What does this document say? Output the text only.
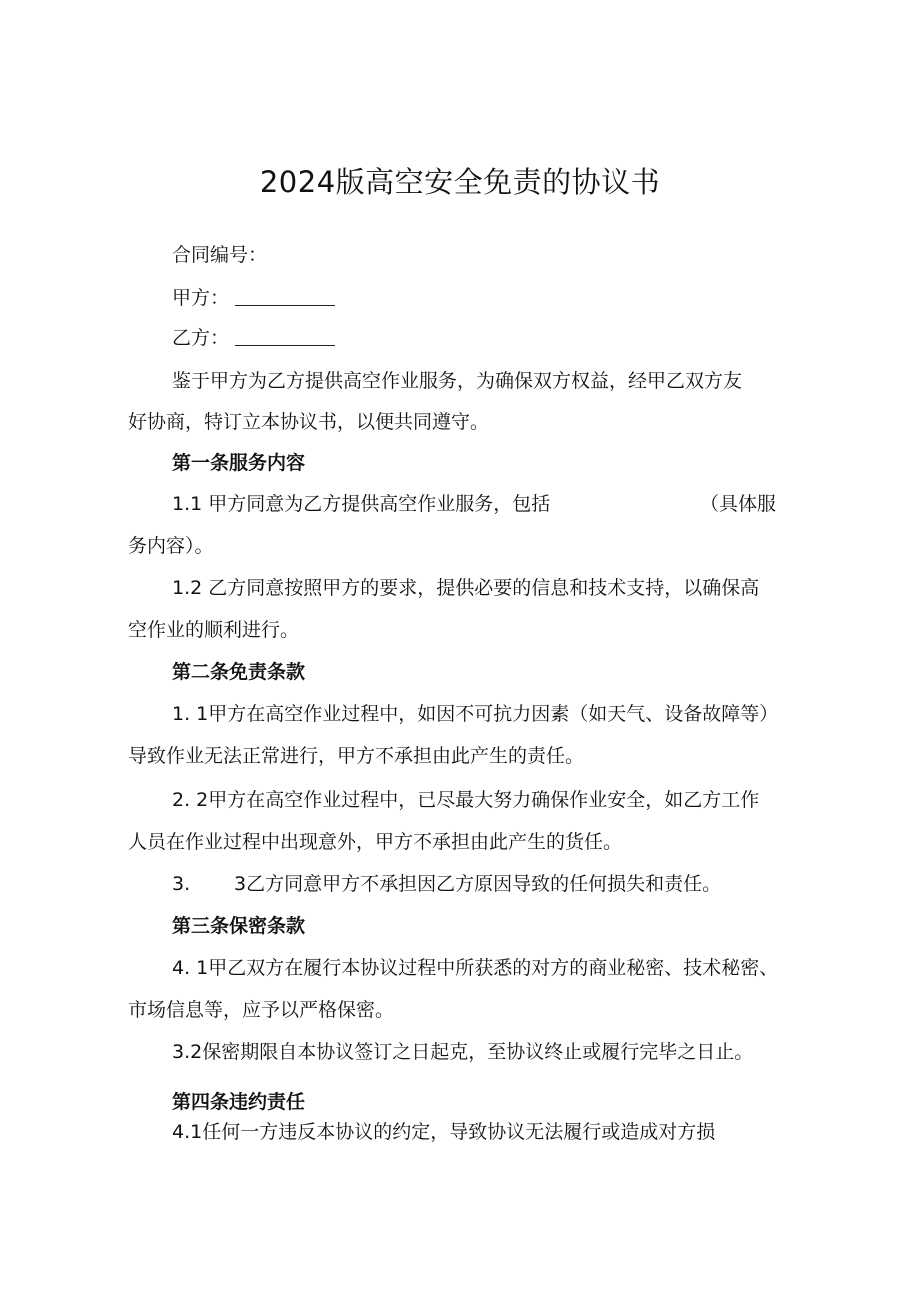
2024版高空安全免责的协议书
合同编号：
甲方：
乙方：
鉴于甲方为乙方提供高空作业服务，为确保双方权益，经甲乙双方友
好协商，特订立本协议书，以便共同遵守。
第一条服务内容
1.1 甲方同意为乙方提供高空作业服务，包括	（具体服
务内容）。
1.2 乙方同意按照甲方的要求，提供必要的信息和技术支持，以确保高
空作业的顺利进行。
第二条免责条款
1. 1甲方在高空作业过程中，如因不可抗力因素（如天气、设备故障等）
导致作业无法正常进行，甲方不承担由此产生的责任。
2. 2甲方在高空作业过程中，已尽最大努力确保作业安全，如乙方工作
人员在作业过程中出现意外，甲方不承担由此产生的货任。
3. 3乙方同意甲方不承担因乙方原因导致的任何损失和责任。
第三条保密条款
4. 1甲乙双方在履行本协议过程中所获悉的对方的商业秘密、技术秘密、
市场信息等，应予以严格保密。
3.2保密期限自本协议签订之日起克，至协议终止或履行完毕之日止。
第四条违约责任
4.1任何一方违反本协议的约定，导致协议无法履行或造成对方损
